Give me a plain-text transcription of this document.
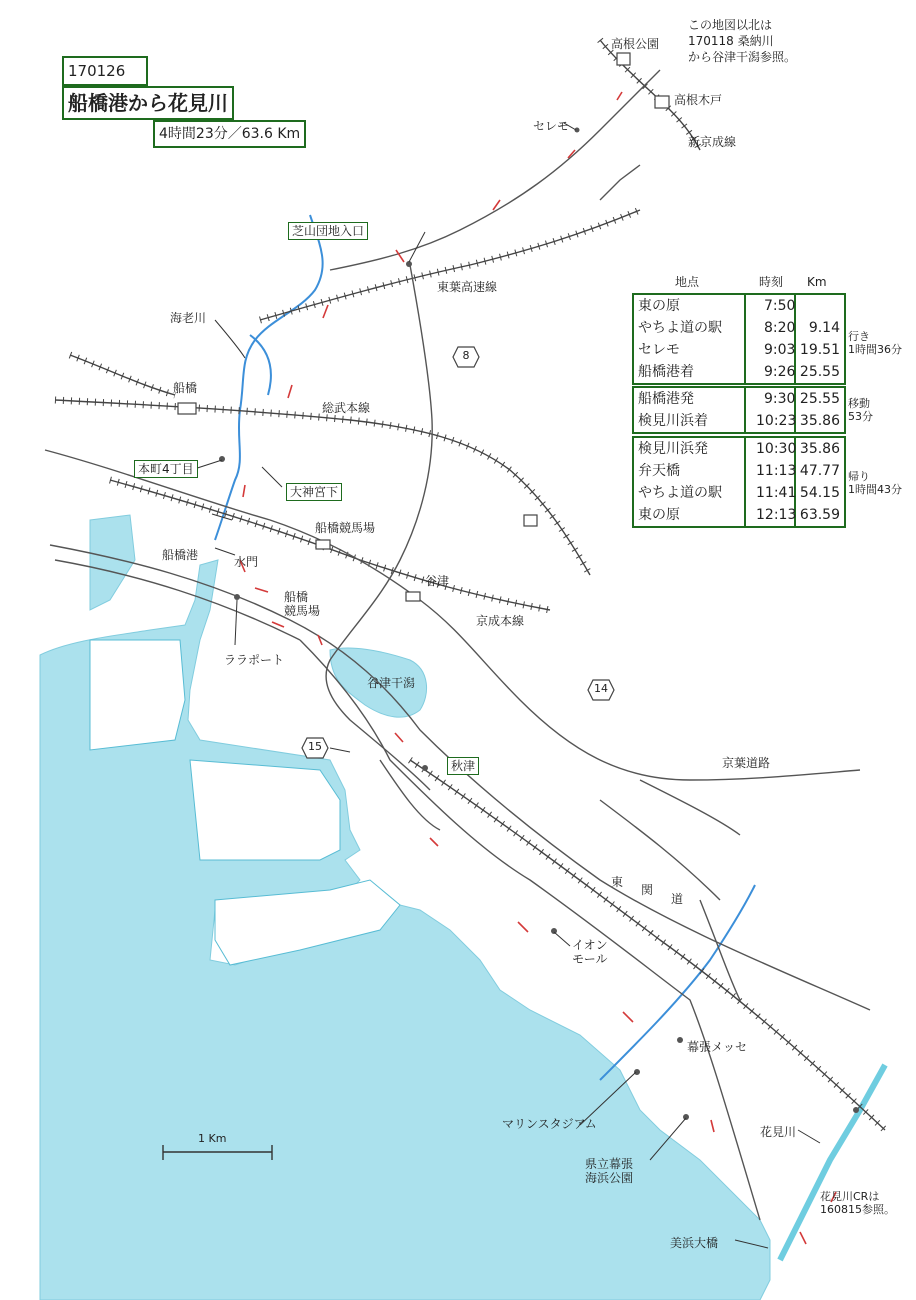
170126
船橋港から花見川
4時間23分／63.6 Km
この地図以北は
170118 桑納川
から谷津干潟参照。
地点	時刻 Km
東の原	7:50
やちよ道の駅	8:20 9.14
セレモ	9:03 19.51
船橋港着	9:26 25.55
行き
1時間36分
船橋港発	9:30 25.55
検見川浜着	10:23 35.86
移動
53分
検見川浜発	10:30 35.86
弁天橋	11:13 47.77
やちよ道の駅 11:41 54.15
東の原	12:13 63.59
帰り
1時間43分
芝山団地入口
本町4丁目
大神宮下
秋津
高根公園
高根木戸
新京成線
セレモ
東葉高速線
海老川
船橋
総武本線
船橋競馬場
谷津
京成本線
船橋港	水門
船橋
競馬場
ララポート
谷津干潟
京葉道路
東
関
道
イオン
モール
幕張メッセ
マリンスタジアム
県立幕張
海浜公園
花見川
美浜大橋
花見川CRは
160815参照。
1 Km
8
14
15
